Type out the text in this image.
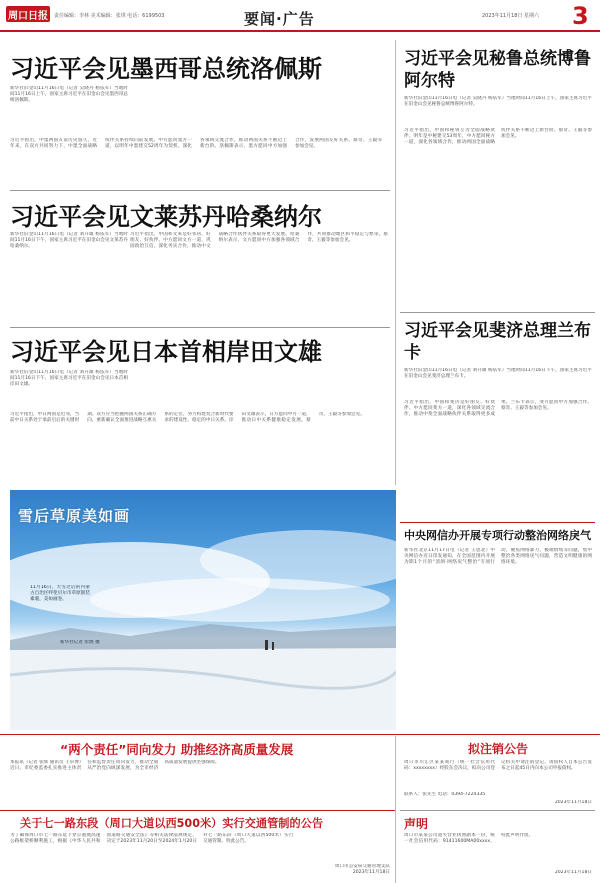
周口日报 责任编辑：李林 美术编辑：张琪 电话：6199503	要闻·广告	2023年11月18日 星期六 3
习近平会见墨西哥总统洛佩斯
新华社旧金山11月16日电（记者 吴晓丹 杨依军）当地时间11月16日上午，国家主席习近平在旧金山会见墨西哥总统洛佩斯。
习近平指出，中墨两国友谊历史悠久，近年来，在双方共同努力下，中墨全面战略伙伴关系持续向前发展。中方愿同墨方一道，以明年中墨建交52周年为契机，深化各领域交流合作，推动两国关系不断迈上新台阶。洛佩斯表示，墨方愿同中方加强合作，发展两国友好关系。蔡奇、王毅等参加会见。
习近平会见文莱苏丹哈桑纳尔
新华社旧金山11月16日电（记者 刘开雄 杨依军）当地时间11月16日下午，国家主席习近平在旧金山会见文莱苏丹哈桑纳尔。
习近平指出，中国和文莱是好邻居、好朋友、好伙伴。中方愿同文方一道，巩固政治互信，深化务实合作，推动中文战略合作伙伴关系取得更大发展。哈桑纳尔表示，文方愿同中方加强各领域合作，共同推动地区和平稳定与繁荣。蔡奇、王毅等参加会见。
习近平会见日本首相岸田文雄
新华社旧金山11月16日电（记者 刘开雄 杨依军）当地时间11月16日下午，国家主席习近平在旧金山会见日本首相岸田文雄。
习近平指出，中日两国是近邻，当前中日关系处于承前启后的关键时期。双方应当把握两国关系正确方向，重新确认全面推进战略互惠关系的定位，努力构建契合新时代要求的建设性、稳定的中日关系。岸田文雄表示，日方愿同中方一道，推动日中关系健康稳定发展。蔡奇、王毅等参加会见。
习近平会见秘鲁总统博鲁阿尔特
新华社旧金山11月16日电（记者 吴晓丹 杨依军）当地时间11月16日上午，国家主席习近平在旧金山会见秘鲁总统博鲁阿尔特。
习近平指出，中国和秘鲁互为全面战略伙伴。明年是中秘建交53周年，中方愿同秘方一道，深化各领域合作，推动两国全面战略伙伴关系不断迈上新台阶。蔡奇、王毅等参加会见。
习近平会见斐济总理兰布卡
新华社旧金山11月16日电（记者 刘开雄 杨依军）当地时间11月16日下午，国家主席习近平在旧金山会见斐济总理兰布卡。
习近平指出，中国和斐济是好朋友、好伙伴。中方愿同斐方一道，深化各领域交流合作，推动中斐全面战略伙伴关系取得更多成果。兰布卡表示，斐方愿同中方加强合作。蔡奇、王毅等参加会见。
雪后草原美如画
11月16日，大雪过后的内蒙古自治区呼伦贝尔市草原银装素裹，美如画卷。
新华社记者 彭源 摄
中央网信办开展专项行动整治网络戾气
新华社北京11月17日电（记者 王思北）中央网信办近日印发通知，在全国范围内开展为期1个月的“清朗·网络戾气整治”专项行动，聚焦网络暴力、极端情绪等问题，集中整治各类网络戾气问题，营造文明健康的网络环境。
“两个责任”同向发力 助推经济高质量发展
本报讯（记者 张辉 通讯员 王卓博）近日，市纪委监委扎实推进主体责任和监督责任同向发力，推动全面从严治党向纵深发展，为全市经济高质量发展提供坚强保障。
拟注销公告
周口市川汇区某某商行（统一社会信用代码：xxxxxxxx）经股东会决议，拟向公司登记机关申请注销登记，请债权人自本公告发布之日起45日内向本公司申报债权。
联系人：张先生 电话：0394-7224335
2023年11月18日
关于七一路东段（周口大道以西500米）实行交通管制的公告
为了确保周口市七一路东延下穿京港澳高速公路框架桥顺利施工，根据《中华人民共和国道路交通安全法》等相关法律法规规定，决定于2023年11月20日至2024年1月20日对七一路东段（周口大道以西500米）实行交通管制。特此公告。
周口市公安局交通管理支队
2023年11月18日
声明
周口市某某公司遗失营业执照副本一份，统一社会信用代码：91411600MA00xxxx，特此声明作废。
2023年11月18日
